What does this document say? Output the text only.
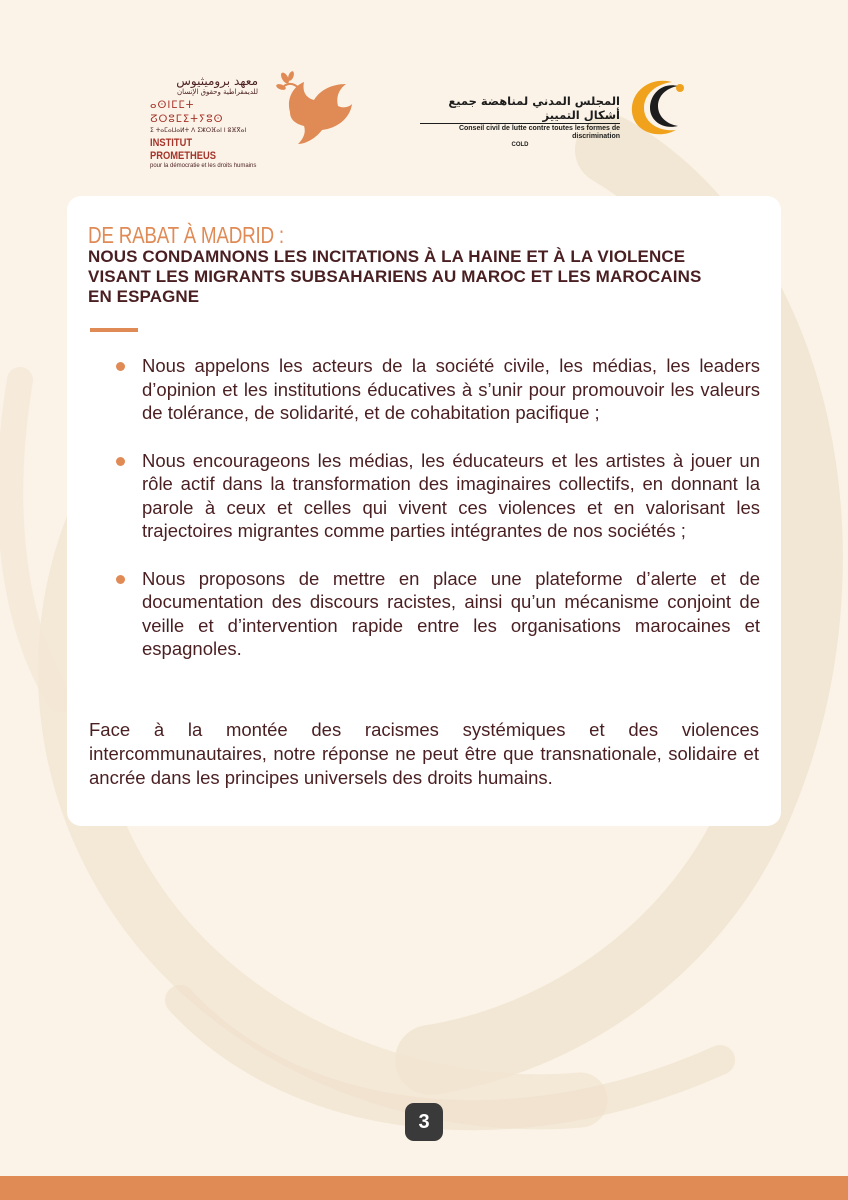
معهد بروميثيوس
للديمقراطية وحقوق الإنسان
ⴰⵙⵏⵎⵎⵜ ⵒⵔⵓⵎⵉⵜⵢⵓⵙ
ⵉ ⵜⴰⵎⴰⵡⴰⵍⵜ ⴷ ⵉⵣⵔⴼⴰⵏ ⵏ ⵓⴼⴳⴰⵏ
INSTITUT PROMETHEUS
pour la démocratie et les droits humains
المجلس المدني لمناهضة جميع أشكال التمييز
Conseil civil de lutte contre toutes les formes de discrimination
COLD
DE RABAT À MADRID :
NOUS CONDAMNONS LES INCITATIONS À LA HAINE ET À LA VIOLENCE
VISANT LES MIGRANTS SUBSAHARIENS AU MAROC ET LES MAROCAINS
EN ESPAGNE
Nous appelons les acteurs de la société civile, les médias, les leaders d’opinion et les institutions éducatives à s’unir pour promouvoir les valeurs de tolérance, de solidarité, et de cohabitation pacifique ;
Nous encourageons les médias, les éducateurs et les artistes à jouer un rôle actif dans la transformation des imaginaires collectifs, en donnant la parole à ceux et celles qui vivent ces violences et en valorisant les trajectoires migrantes comme parties intégrantes de nos sociétés ;
Nous proposons de mettre en place une plateforme d’alerte et de documentation des discours racistes, ainsi qu’un mécanisme conjoint de veille et d’intervention rapide entre les organisations marocaines et espagnoles.

Face à la montée des racismes systémiques et des violences intercommunautaires, notre réponse ne peut être que transnationale, solidaire et ancrée dans les principes universels des droits humains.

3
